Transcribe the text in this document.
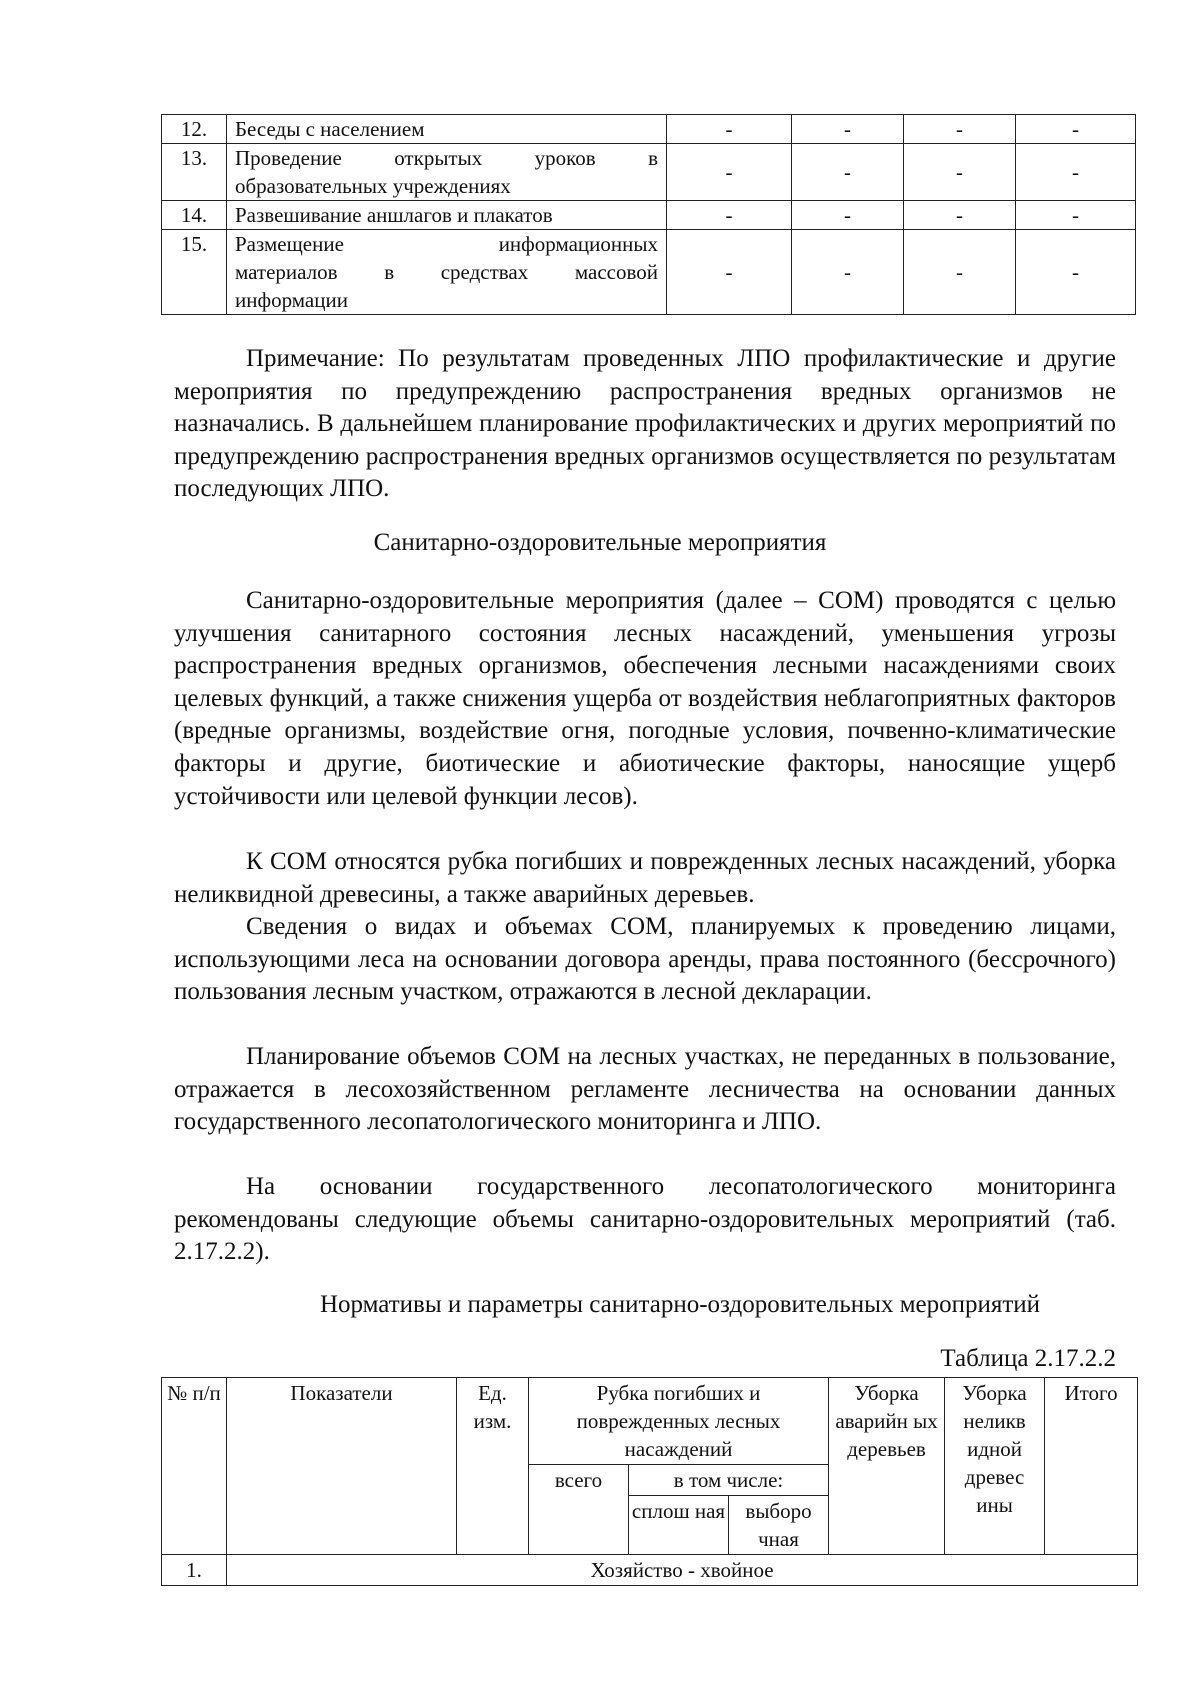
12.	Беседы с населением	-	-	-	-
13.	Проведение открытых уроков в
образовательных учреждениях	-	-	-	-
14.	Развешивание аншлагов и плакатов	-	-	-	-
15.	Размещение информационных
материалов в средствах массовой
информации	-	-	-	-

Примечание: По результатам проведенных ЛПО профилактические и другие мероприятия по предупреждению распространения вредных организмов не назначались. В дальнейшем планирование профилактических и других мероприятий по предупреждению распространения вредных организмов осуществляется по результатам последующих ЛПО.

Санитарно-оздоровительные мероприятия

Санитарно-оздоровительные мероприятия (далее – СОМ) проводятся с целью улучшения санитарного состояния лесных насаждений, уменьшения угрозы распространения вредных организмов, обеспечения лесными насаждениями своих целевых функций, а также снижения ущерба от воздействия неблагоприятных факторов (вредные организмы, воздействие огня, погодные условия, почвенно-климатические факторы и другие, биотические и абиотические факторы, наносящие ущерб устойчивости или целевой функции лесов).

К СОМ относятся рубка погибших и поврежденных лесных насаждений, уборка неликвидной древесины, а также аварийных деревьев.

Сведения о видах и объемах СОМ, планируемых к проведению лицами, использующими леса на основании договора аренды, права постоянного (бессрочного) пользования лесным участком, отражаются в лесной декларации.

Планирование объемов СОМ на лесных участках, не переданных в пользование, отражается в лесохозяйственном регламенте лесничества на основании данных государственного лесопатологического мониторинга и ЛПО.

На основании государственного лесопатологического мониторинга рекомендованы следующие объемы санитарно-оздоровительных мероприятий (таб. 2.17.2.2).

Нормативы и параметры санитарно-оздоровительных мероприятий

Таблица 2.17.2.2

№ п/п	Показатели	Ед. изм.	Рубка погибших и поврежденных лесных насаждений			Уборка аварийн ых деревьев	Уборка неликв идной древес ины	Итого
			всего	в том числе:				
				сплош ная	выборо чная			
1.	Хозяйство - хвойное							
